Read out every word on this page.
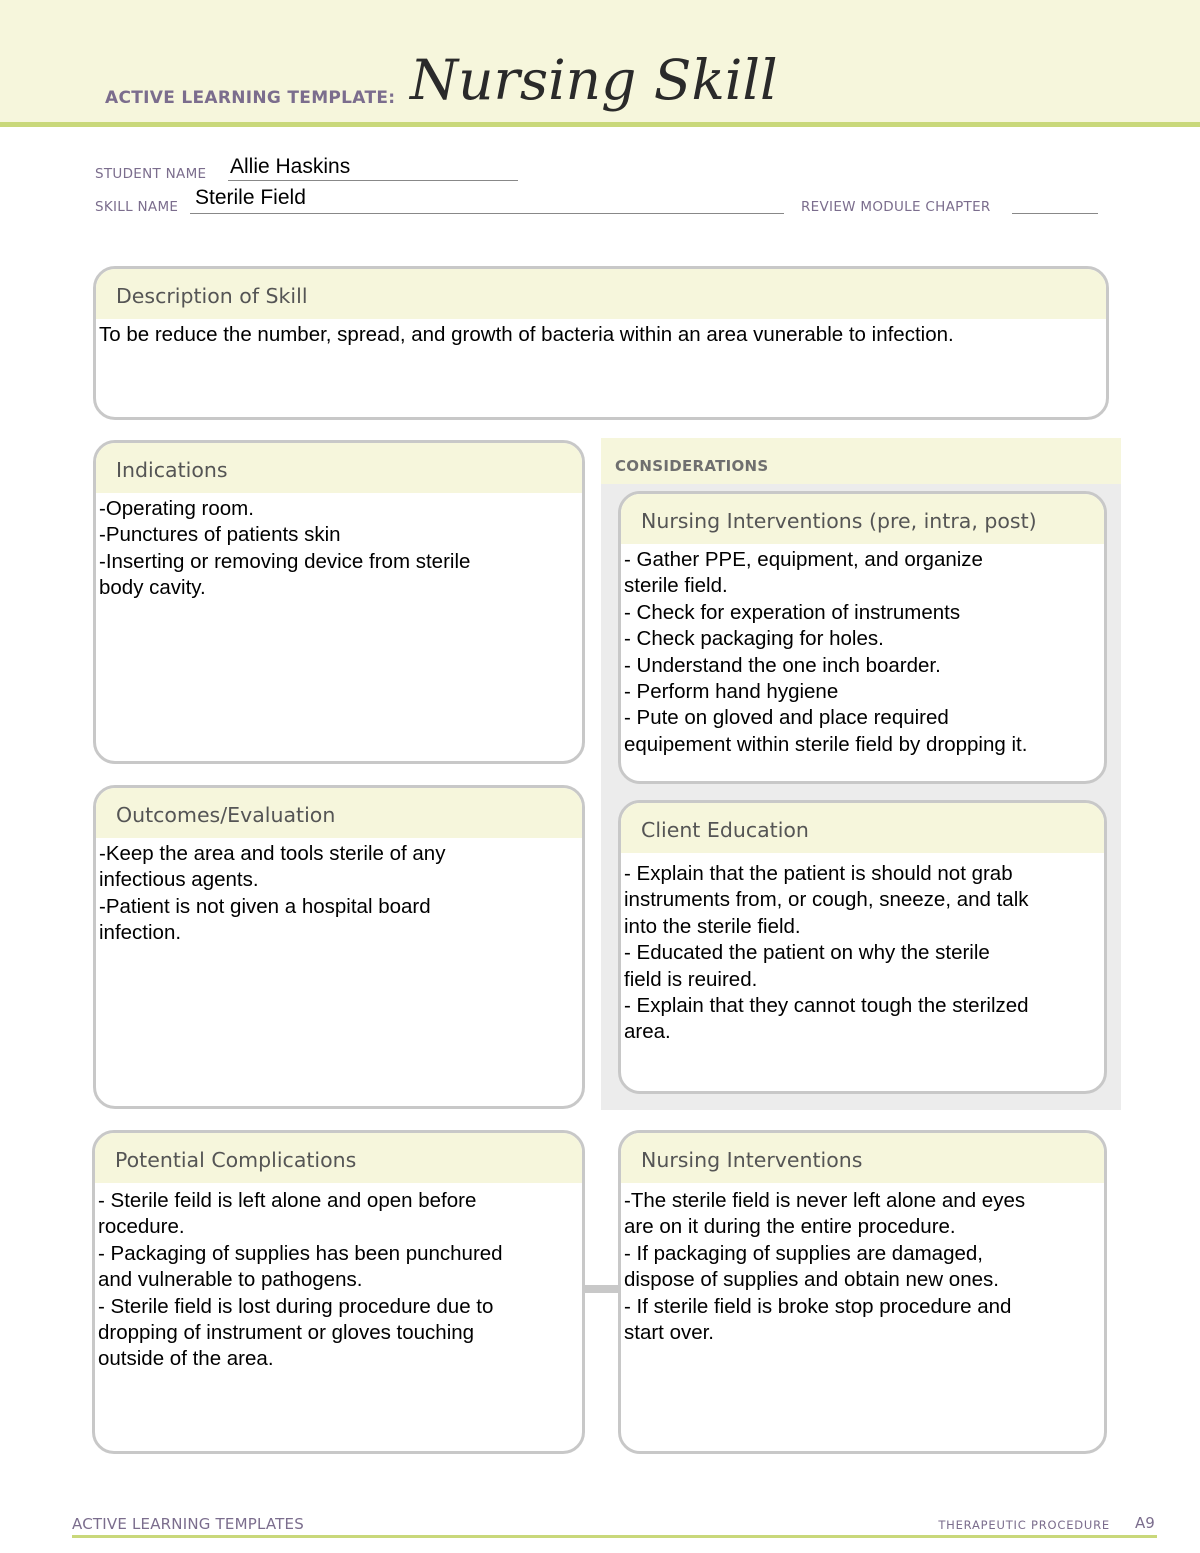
ACTIVE LEARNING TEMPLATE: Nursing Skill
STUDENT NAME Allie Haskins
SKILL NAME Sterile Field	REVIEW MODULE CHAPTER
Description of Skill
To be reduce the number, spread, and growth of bacteria within an area vunerable to infection.
CONSIDERATIONS
Indications
-Operating room.
-Punctures of patients skin
-Inserting or removing device from sterile
body cavity.
Nursing Interventions (pre, intra, post)
- Gather PPE, equipment, and organize
sterile field.
- Check for experation of instruments
- Check packaging for holes.
- Understand the one inch boarder.
- Perform hand hygiene
- Pute on gloved and place required
equipement within sterile field by dropping it.
Outcomes/Evaluation
-Keep the area and tools sterile of any
infectious agents.
-Patient is not given a hospital board
infection.
Client Education
- Explain that the patient is should not grab
instruments from, or cough, sneeze, and talk
into the sterile field.
- Educated the patient on why the sterile
field is reuired.
- Explain that they cannot tough the sterilzed
area.
Potential Complications
- Sterile feild is left alone and open before
rocedure.
- Packaging of supplies has been punchured
and vulnerable to pathogens.
- Sterile field is lost during procedure due to
dropping of instrument or gloves touching
outside of the area.
Nursing Interventions
-The sterile field is never left alone and eyes
are on it during the entire procedure.
- If packaging of supplies are damaged,
dispose of supplies and obtain new ones.
- If sterile field is broke stop procedure and
start over.
ACTIVE LEARNING TEMPLATES	THERAPEUTIC PROCEDURE A9
